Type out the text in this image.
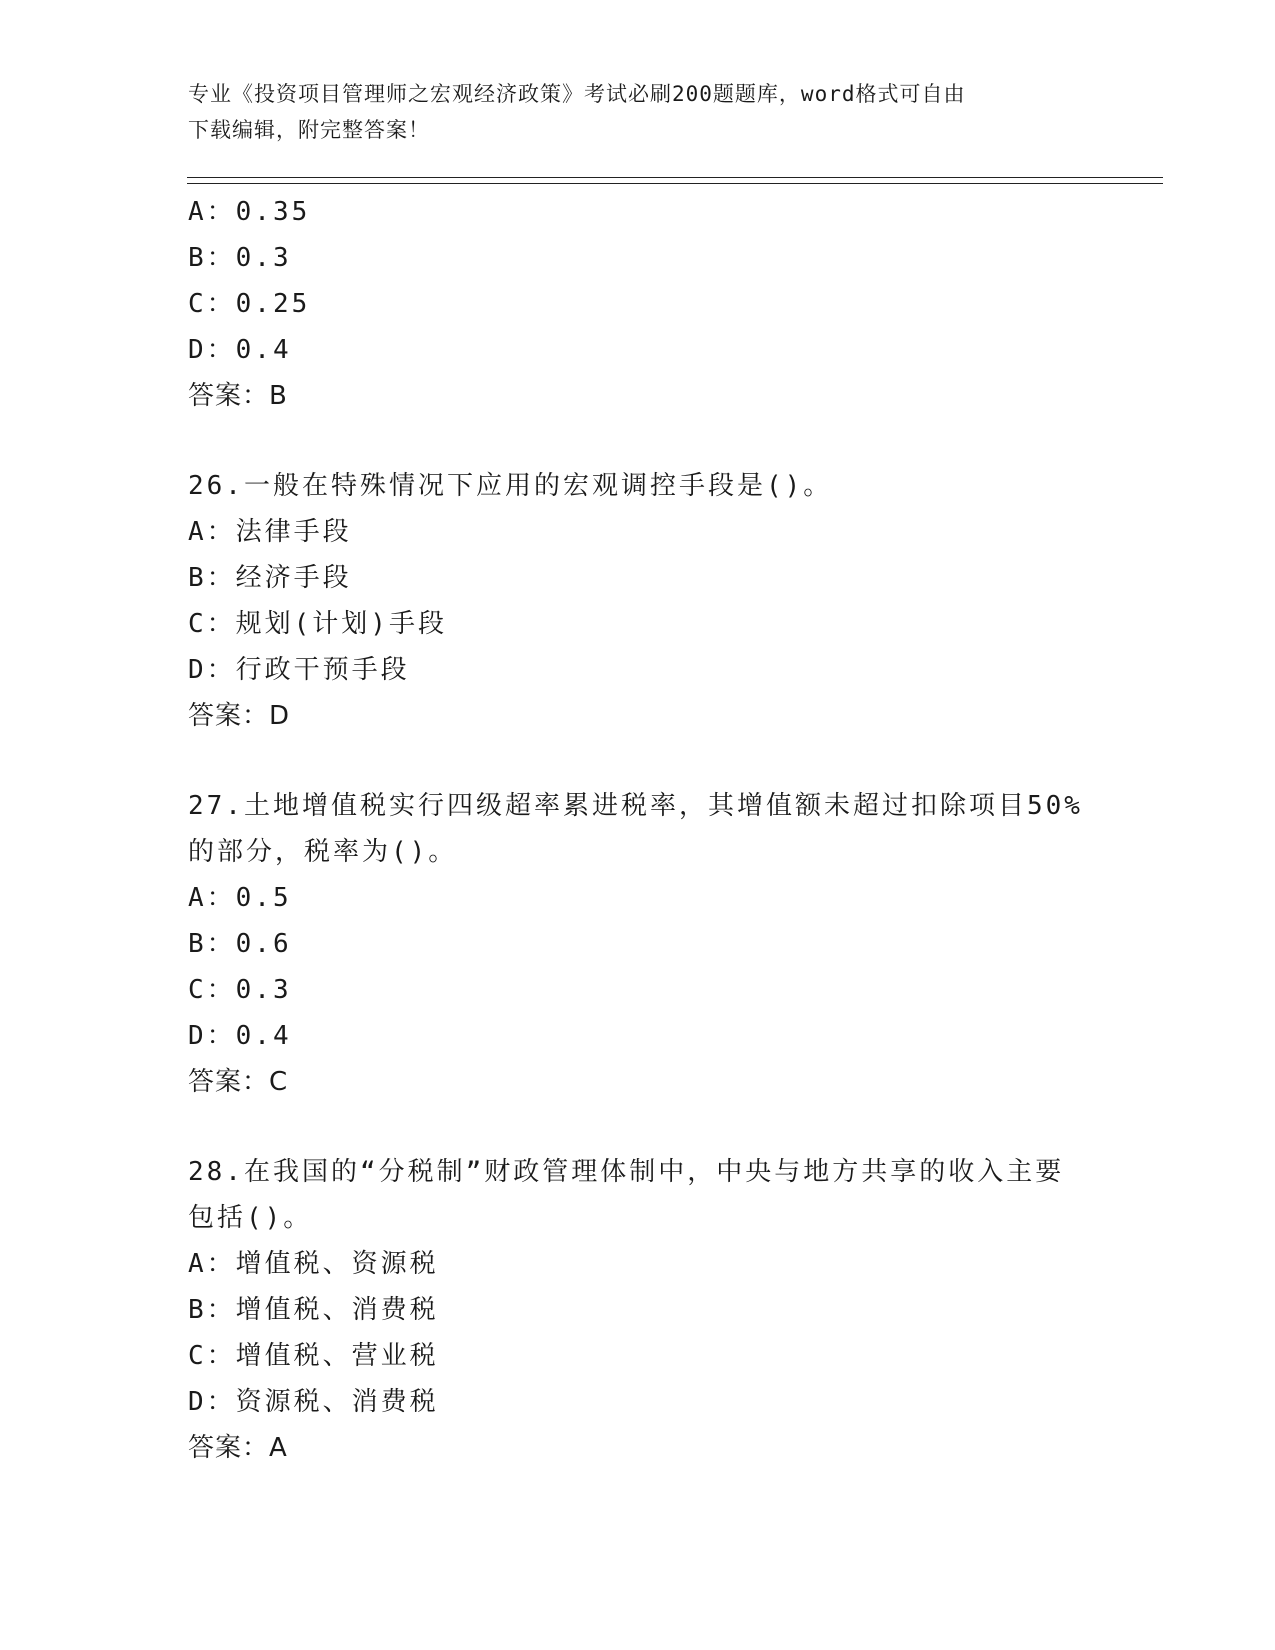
专业《投资项目管理师之宏观经济政策》考试必刷200题题库，word格式可自由
下载编辑，附完整答案！
A：0.35
B：0.3
C：0.25
D：0.4
答案：B
26.一般在特殊情况下应用的宏观调控手段是()。
A：法律手段
B：经济手段
C：规划(计划)手段
D：行政干预手段
答案：D
27.土地增值税实行四级超率累进税率，其增值额未超过扣除项目50%
的部分，税率为()。
A：0.5
B：0.6
C：0.3
D：0.4
答案：C
28.在我国的“分税制”财政管理体制中，中央与地方共享的收入主要
包括()。
A：增值税、资源税
B：增值税、消费税
C：增值税、营业税
D：资源税、消费税
答案：A
